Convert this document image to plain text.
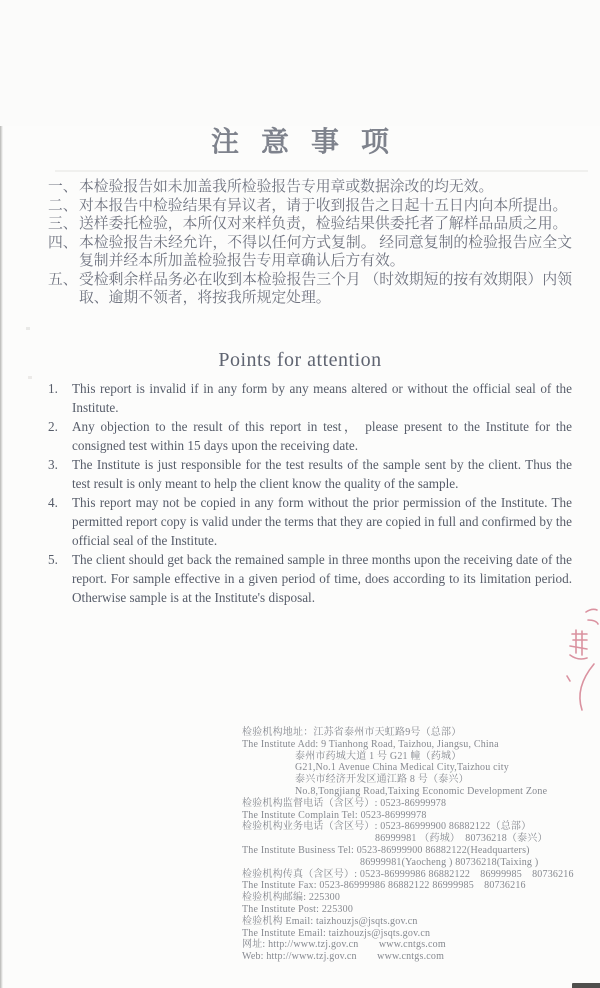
注意事项
一、 本检验报告如未加盖我所检验报告专用章或数据涂改的均无效。
二、 对本报告中检验结果有异议者，请于收到报告之日起十五日内向本所提出。
三、 送样委托检验，本所仅对来样负责，检验结果供委托者了解样品品质之用。
四、 本检验报告未经允许，不得以任何方式复制。 经同意复制的检验报告应全文复制并经本所加盖检验报告专用章确认后方有效。
五、 受检剩余样品务必在收到本检验报告三个月 （时效期短的按有效期限）内领取、逾期不领者，将按我所规定处理。
Points for attention
1. This report is invalid if in any form by any means altered or without the official seal of the Institute.
2. Any objection to the result of this report in test， please present to the Institute for the consigned test within 15 days upon the receiving date.
3. The Institute is just responsible for the test results of the sample sent by the client. Thus the test result is only meant to help the client know the quality of the sample.
4. This report may not be copied in any form without the prior permission of the Institute. The permitted report copy is valid under the terms that they are copied in full and confirmed by the official seal of the Institute.
5. The client should get back the remained sample in three months upon the receiving date of the report. For sample effective in a given period of time, does according to its limitation period. Otherwise sample is at the Institute's disposal.
检验机构地址：江苏省泰州市天虹路9号（总部）
The Institute Add: 9 Tianhong Road, Taizhou, Jiangsu, China
泰州市药城大道 1 号 G21 幢（药城）
G21,No.1 Avenue China Medical City,Taizhou city
泰兴市经济开发区通江路 8 号（泰兴）
No.8,Tongjiang Road,Taixing Economic Development Zone
检验机构监督电话（含区号）: 0523-86999978
The Institute Complain Tel: 0523-86999978
检验机构业务电话（含区号）: 0523-86999900 86882122（总部）
86999981 （药城）　80736218（泰兴）
The Institute Business Tel: 0523-86999900 86882122(Headquarters)
86999981(Yaocheng ) 80736218(Taixing )
检验机构传真（含区号）: 0523-86999986 86882122　86999985　80736216
The Institute Fax: 0523-86999986 86882122 86999985　80736216
检验机构邮编: 225300
The Institute Post: 225300
检验机构 Email: taizhouzjs@jsqts.gov.cn
The Institute Email: taizhouzjs@jsqts.gov.cn
网址: http://www.tzj.gov.cn　　www.cntgs.com
Web: http://www.tzj.gov.cn　　www.cntgs.com
